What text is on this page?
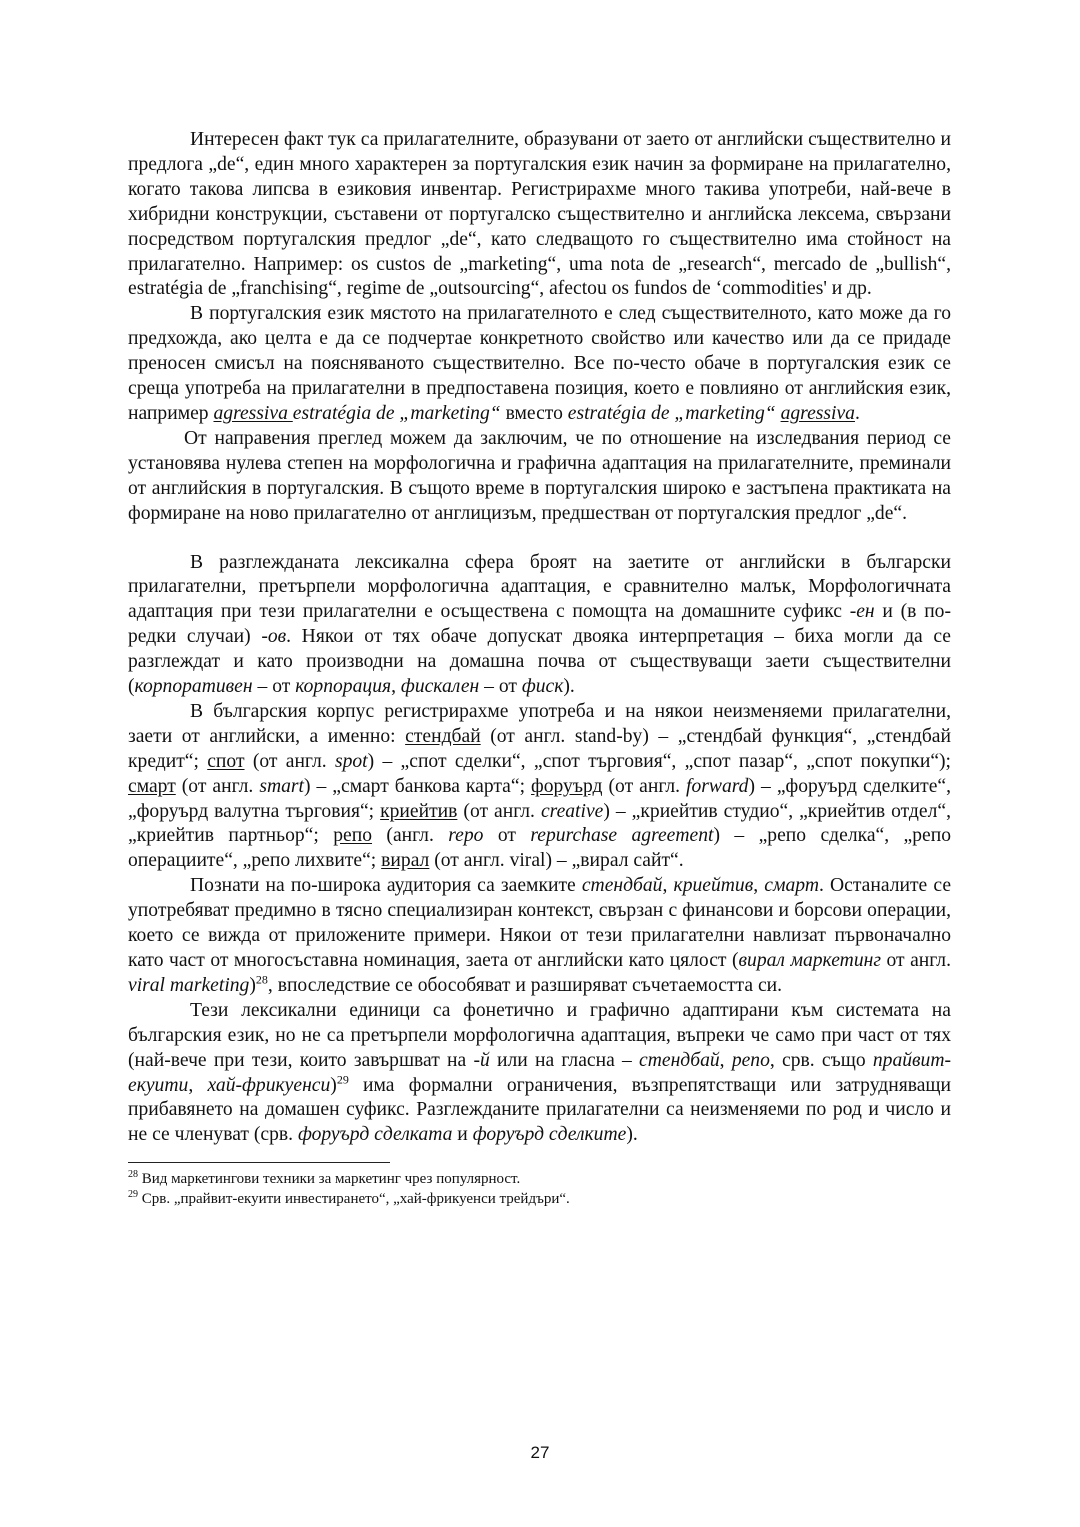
Интересен факт тук са прилагателните, образувани от заето от английски съществително и предлога „de“, един много характерен за португалския език начин за формиране на прилагателно, когато такова липсва в езиковия инвентар. Регистрирахме много такива употреби, най-вече в хибридни конструкции, съставени от португалско съществително и английска лексема, свързани посредством португалския предлог „de“, като следващото го съществително има стойност на прилагателно. Например: os custos de „marketing“, uma nota de „research“, mercado de „bullish“, estratégia de „franchising“, regime de „outsourcing“, afectou os fundos de ‘commodities' и др.

В португалския език мястото на прилагателното е след съществителното, като може да го предхожда, ако целта е да се подчертае конкретното свойство или качество или да се придаде преносен смисъл на поясняваното съществително. Все по-често обаче в португалския език се среща употреба на прилагателни в предпоставена позиция, което е повлияно от английския език, например agressiva estratégia de „marketing“ вместо estratégia de „marketing“ agressiva.

От направения преглед можем да заключим, че по отношение на изследвания период се установява нулева степен на морфологична и графична адаптация на прилагателните, преминали от английския в португалския. В същото време в португалския широко е застъпена практиката на формиране на ново прилагателно от англицизъм, предшестван от португалския предлог „de“.

В разглежданата лексикална сфера броят на заетите от английски в български прилагателни, претърпели морфологична адаптация, е сравнително малък, Морфологичната адаптация при тези прилагателни е осъществена с помощта на домашните суфикс -ен и (в по-редки случаи) -ов. Някои от тях обаче допускат двояка интерпретация – биха могли да се разглеждат и като производни на домашна почва от съществуващи заети съществителни (корпоративен – от корпорация, фискален – от фиск).

В българския корпус регистрирахме употреба и на някои неизменяеми прилагателни, заети от английски, а именно: стендбай (от англ. stand-by) – „стендбай функция“, „стендбай кредит“; спот (от англ. spot) – „спот сделки“, „спот търговия“, „спот пазар“, „спот покупки“); смарт (от англ. smart) – „смарт банкова карта“; форуърд (от англ. forward) – „форуърд сделките“, „форуърд валутна търговия“; криейтив (от англ. creative) – „криейтив студио“, „криейтив отдел“, „криейтив партньор“; репо (англ. repo от repurchase agreement) – „репо сделка“, „репо операциите“, „репо лихвите“; вирал (от англ. viral) – „вирал сайт“.

Познати на по-широка аудитория са заемките стендбай, криейтив, смарт. Останалите се употребяват предимно в тясно специализиран контекст, свързан с финансови и борсови операции, което се вижда от приложените примери. Някои от тези прилагателни навлизат първоначално като част от многосъставна номинация, заета от английски като цялост (вирал маркетинг от англ. viral marketing)$^{28}$, впоследствие се обособяват и разширяват съчетаемостта си.

Тези лексикални единици са фонетично и графично адаптирани към системата на българския език, но не са претърпели морфологична адаптация, въпреки че само при част от тях (най-вече при тези, които завършват на -й или на гласна – стендбай, репо, срв. също прайвит-екуити, хай-фрикуенси)$^{29}$ има формални ограничения, възпрепятстващи или затрудняващи прибавянето на домашен суфикс. Разглежданите прилагателни са неизменяеми по род и число и не се членуват (срв. форуърд сделката и форуърд сделките).

$^{28}$ Вид маркетингови техники за маркетинг чрез популярност.

$^{29}$ Срв. „прайвит-екуити инвестирането“, „хай-фрикуенси трейдъри“.

27
